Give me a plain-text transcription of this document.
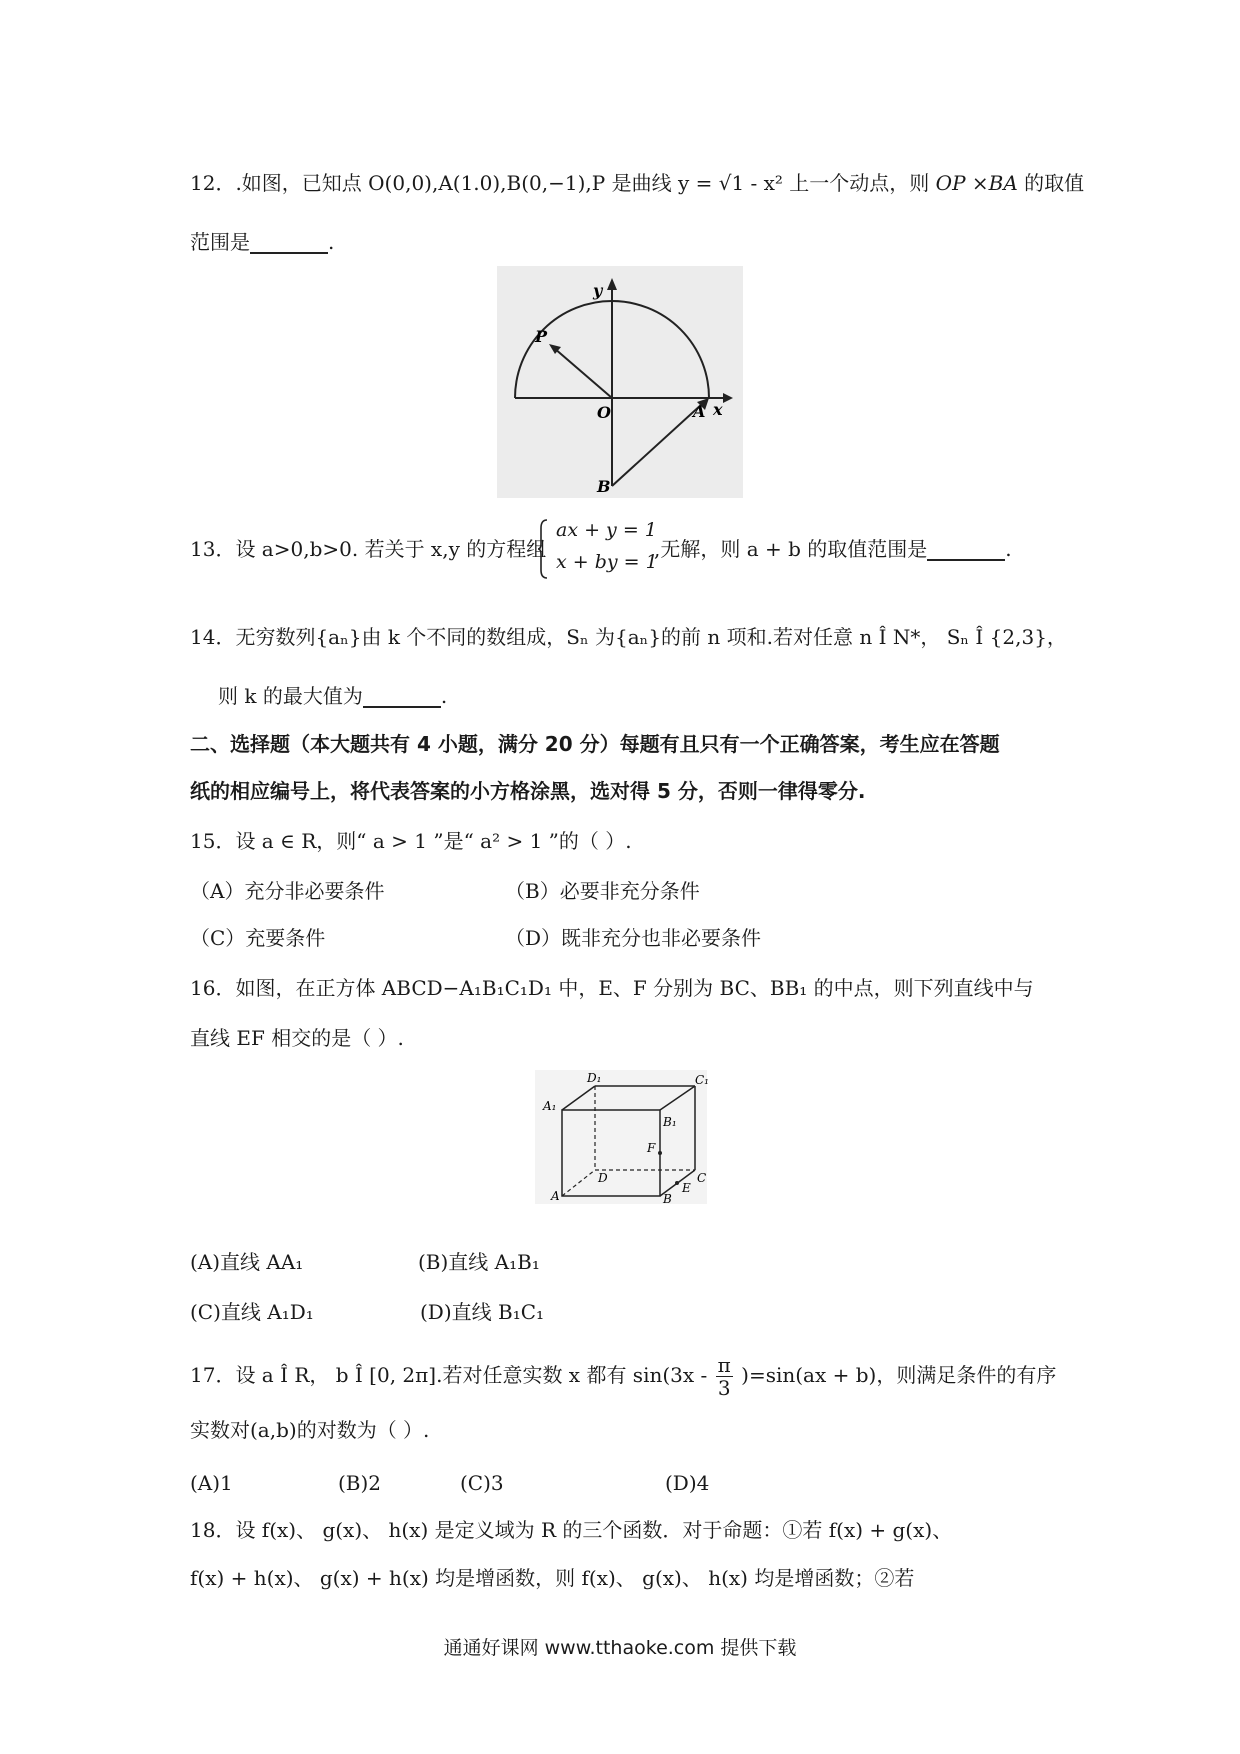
12．.如图，已知点 O(0,0),A(1.0),B(0,−1),P 是曲线 y = √1 - x² 上一个动点，则 OP ×BA 的取值
范围是	.
y
x
O	A
B
P
13．设 a>0,b>0. 若关于 x,y 的方程组
ax + y = 1
x + by = 1
,无解，则 a + b 的取值范围是	.
14．无穷数列{aₙ}由 k 个不同的数组成，Sₙ 为{aₙ}的前 n 项和.若对任意 n Î N*， Sₙ Î {2,3}，
则 k 的最大值为	.
二、选择题（本大题共有 4 小题，满分 20 分）每题有且只有一个正确答案，考生应在答题
纸的相应编号上，将代表答案的小方格涂黑，选对得 5 分，否则一律得零分.
15．设 a ∈ R，则“ a > 1 ”是“ a² > 1 ”的（ ）.
（A）充分非必要条件	（B）必要非充分条件
（C）充要条件	（D）既非充分也非必要条件
16．如图，在正方体 ABCD−A₁B₁C₁D₁ 中，E、F 分别为 BC、BB₁ 的中点，则下列直线中与
直线 EF 相交的是（ ）.
D₁	C₁
A₁
B₁
F
D	C
E
A	B
(A)直线 AA₁	(B)直线 A₁B₁
(C)直线 A₁D₁	(D)直线 B₁C₁
17．设 a Î R， b Î [0, 2π].若对任意实数 x 都有 $\sin(3x - \frac{\pi}{3} )=\sin(ax + b)$，则满足条件的有序
实数对(a,b)的对数为（ ）.
(A)1	(B)2	(C)3	(D)4
18．设 f(x)、 g(x)、 h(x) 是定义域为 R 的三个函数．对于命题：①若 f(x) + g(x)、
f(x) + h(x)、 g(x) + h(x) 均是增函数，则 f(x)、 g(x)、 h(x) 均是增函数；②若
通通好课网 www.tthaoke.com 提供下载
